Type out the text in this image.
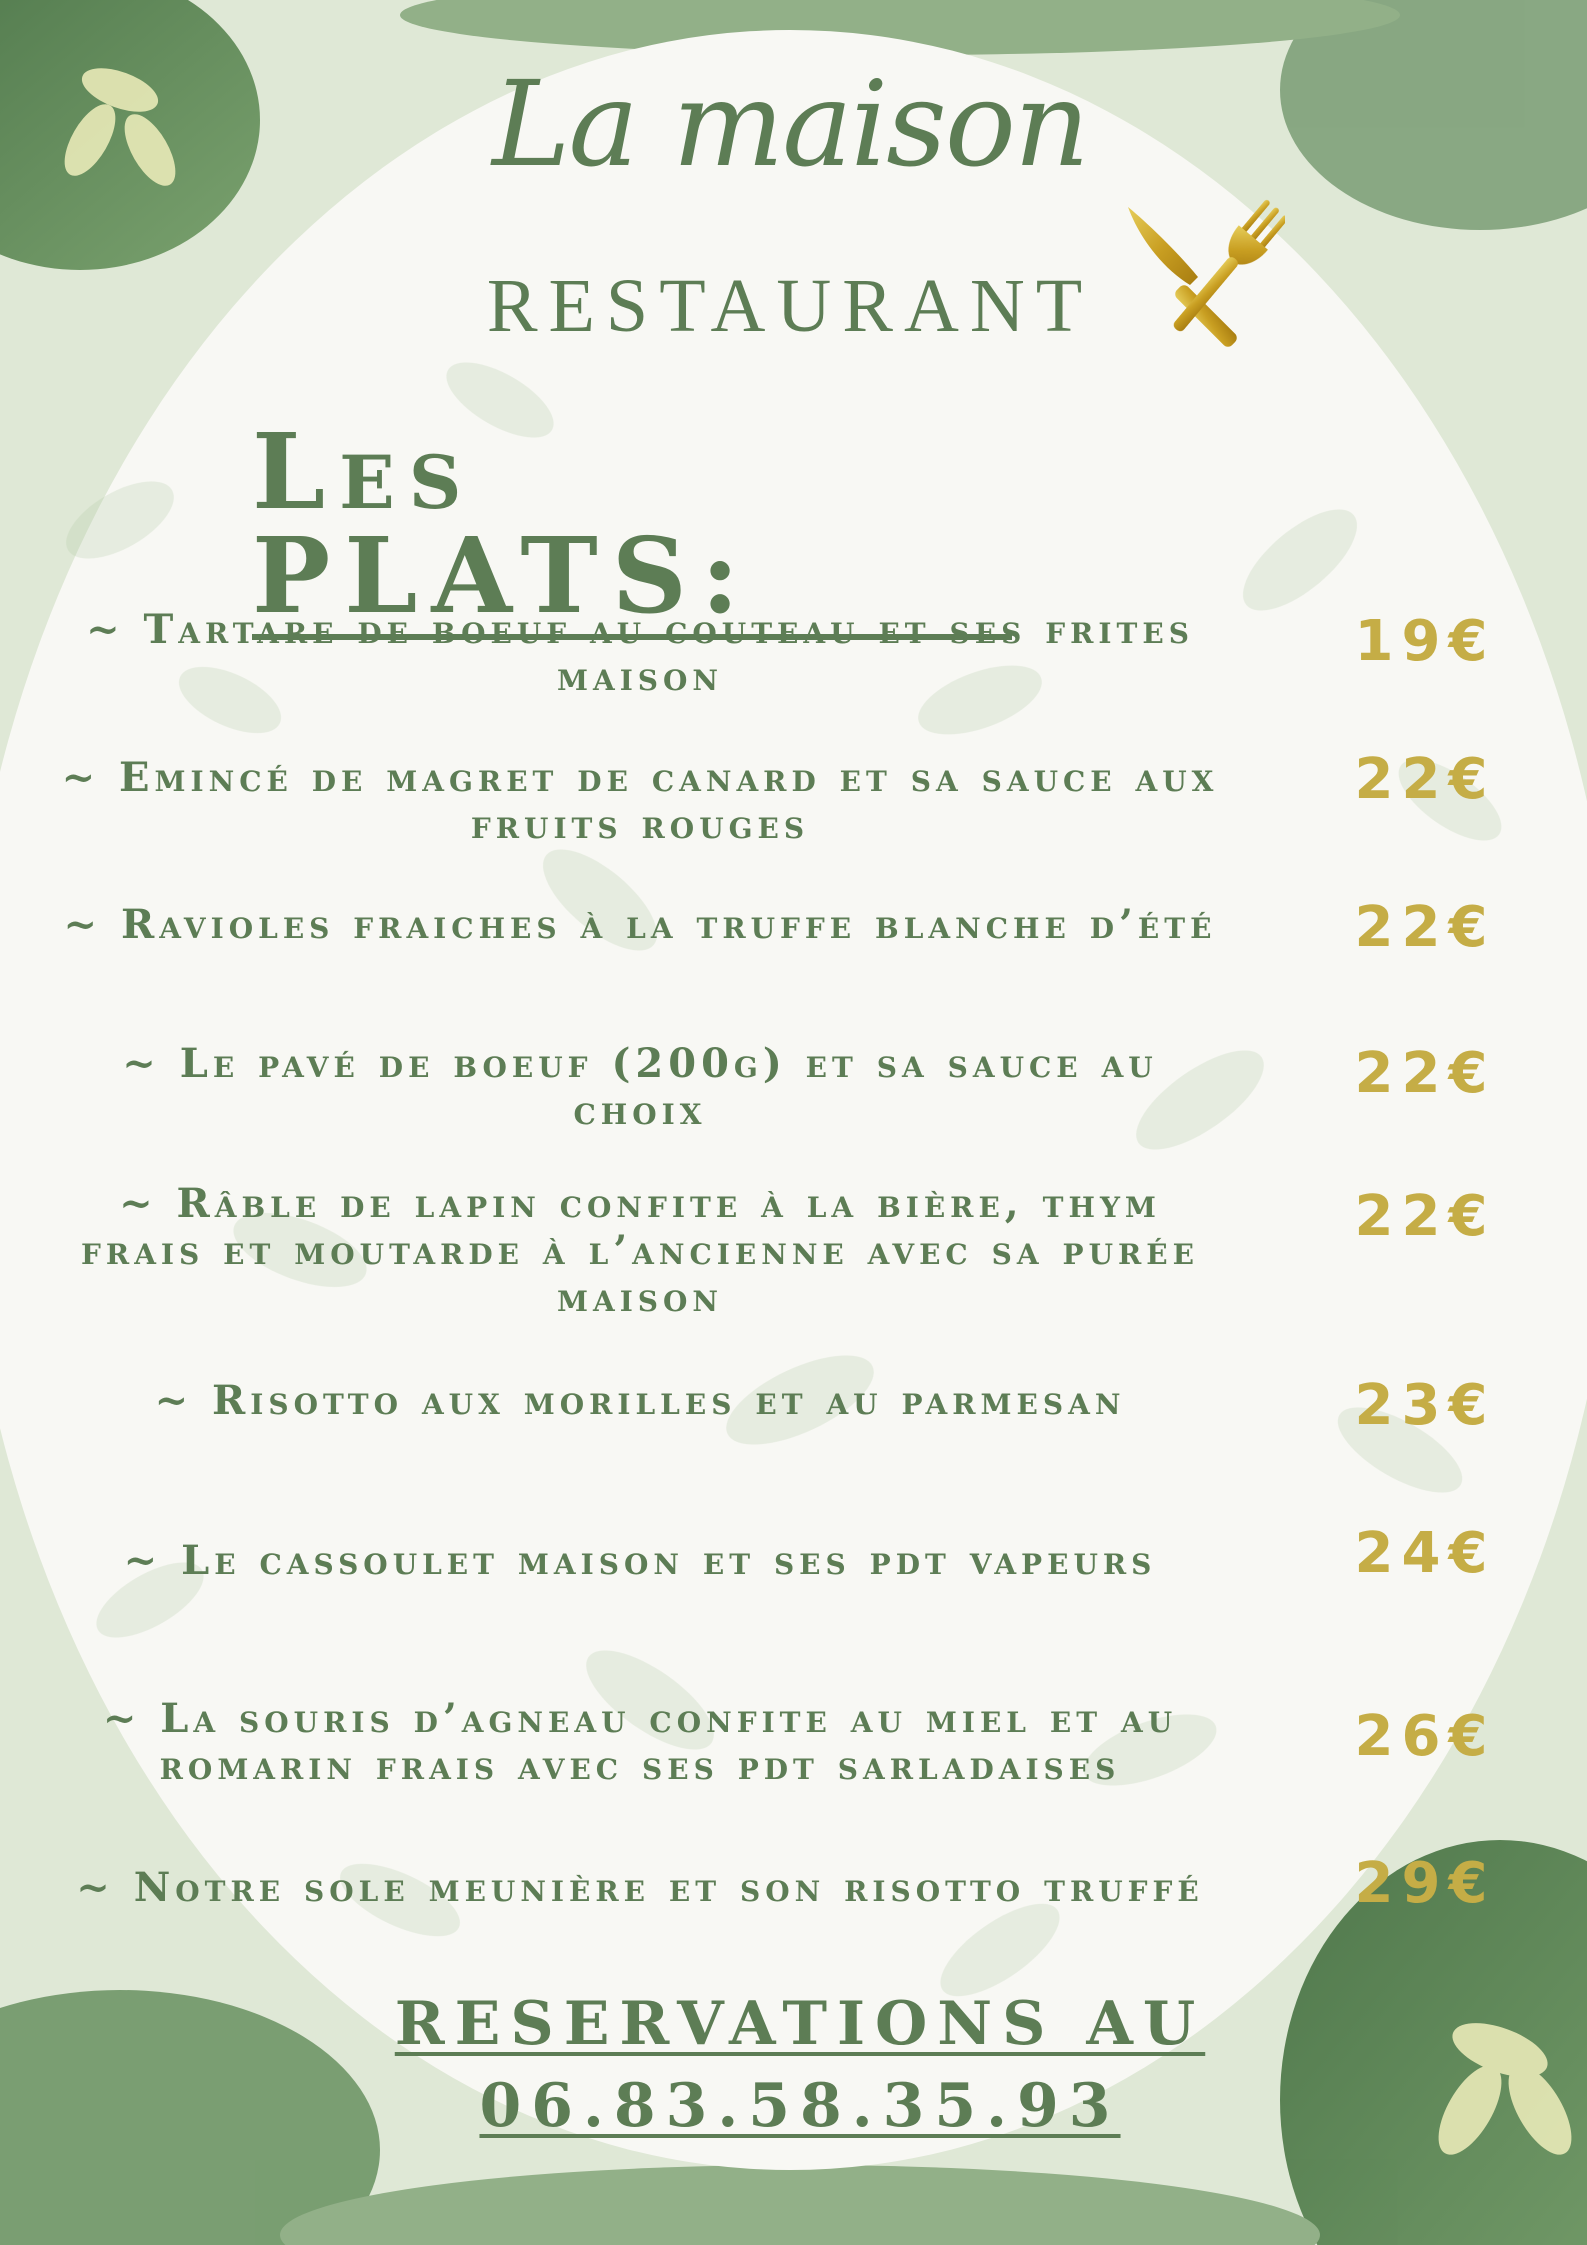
La maison
RESTAURANT
Les PLATS:
~ Tartare de boeuf au couteau et ses frites maison
19€
~ Emincé de magret de canard et sa sauce aux fruits rouges
22€
~ Ravioles fraiches à la truffe blanche d’été	22€
~ Le pavé de boeuf (200g) et sa sauce au choix
22€
~ Râble de lapin confite à la bière, thym frais et moutarde à l’ancienne avec sa purée maison
22€
~ Risotto aux morilles et au parmesan	23€
~ Le cassoulet maison et ses pdt vapeurs	24€
~ La souris d’agneau confite au miel et au romarin frais avec ses pdt sarladaises	26€
~ Notre sole meunière et son risotto truffé	29€
RESERVATIONS AU
06.83.58.35.93
